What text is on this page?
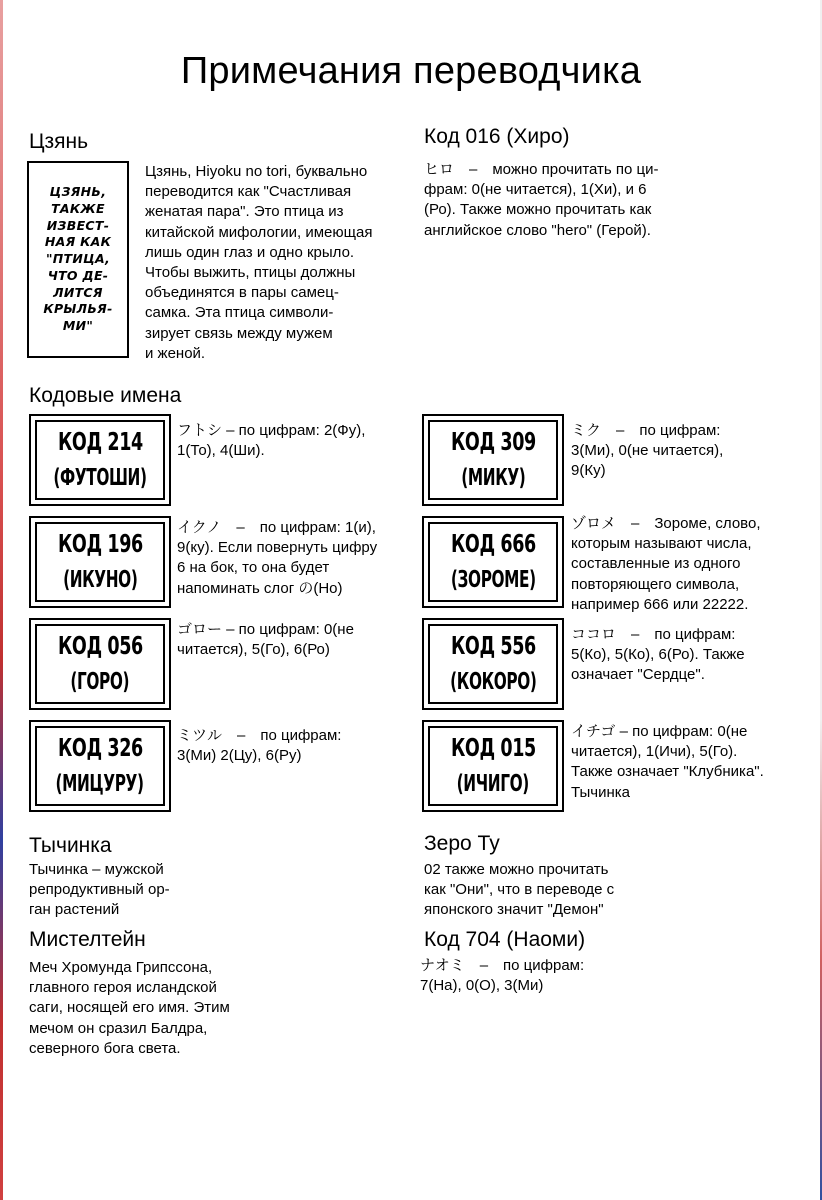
Примечания переводчика
Цзянь
ЦЗЯНЬ,
ТАКЖЕ
ИЗВЕСТ-
НАЯ КАК
"ПТИЦА,
ЧТО ДЕ-
ЛИТСЯ
КРЫЛЬЯ-
МИ"
Цзянь, Hiyoku no tori, буквально
переводится как "Счастливая
женатая пара". Это птица из
китайской мифологии, имеющая
лишь один глаз и одно крыло.
Чтобы выжить, птицы должны
объединятся в пары самец-
самка. Эта птица символи-
зирует связь между мужем
и женой.
Код 016 (Хиро)
ヒロ　–　можно прочитать по ци-
фрам: 0(не читается), 1(Хи), и 6
(Ро). Также можно прочитать как
английское слово "hero" (Герой).
Кодовые имена
КОД 214
(ФУТОШИ)
フトシ – по цифрам: 2(Фу),
1(То), 4(Ши).	КОД 309
(МИКУ)
ミク　–　по цифрам:
3(Ми), 0(не читается),
9(Ку)
КОД 196
(ИКУНО)
イクノ　–　по цифрам: 1(и),
9(ку). Если повернуть цифру
6 на бок, то она будет
напоминать слог の(Но)
КОД 666
(ЗОРОМЕ)
ゾロメ　–　Зороме, слово,
которым называют числа,
составленные из одного
повторяющего символа,
например 666 или 22222.
КОД 056
(ГОРО)
ゴロー – по цифрам: 0(не
читается), 5(Го), 6(Ро)	КОД 556
(КОКОРО)
ココロ　–　по цифрам:
5(Ко), 5(Ко), 6(Ро). Также
означает "Сердце".
КОД 326
(МИЦУРУ)
ミツル　–　по цифрам:
3(Ми) 2(Цу), 6(Ру)	КОД 015
(ИЧИГО)
イチゴ – по цифрам: 0(не
читается), 1(Ичи), 5(Го).
Также означает "Клубника".
Тычинка
Тычинка
Тычинка – мужской
репродуктивный ор-
ган растений
Зеро Ту
02 также можно прочитать
как "Они", что в переводе с
японского значит "Демон"
Мистелтейн
Меч Хромунда Грипссона,
главного героя исландской
саги, носящей его имя. Этим
мечом он сразил Балдра,
северного бога света.
Код 704 (Наоми)
ナオミ　–　по цифрам:
7(На), 0(О), 3(Ми)
